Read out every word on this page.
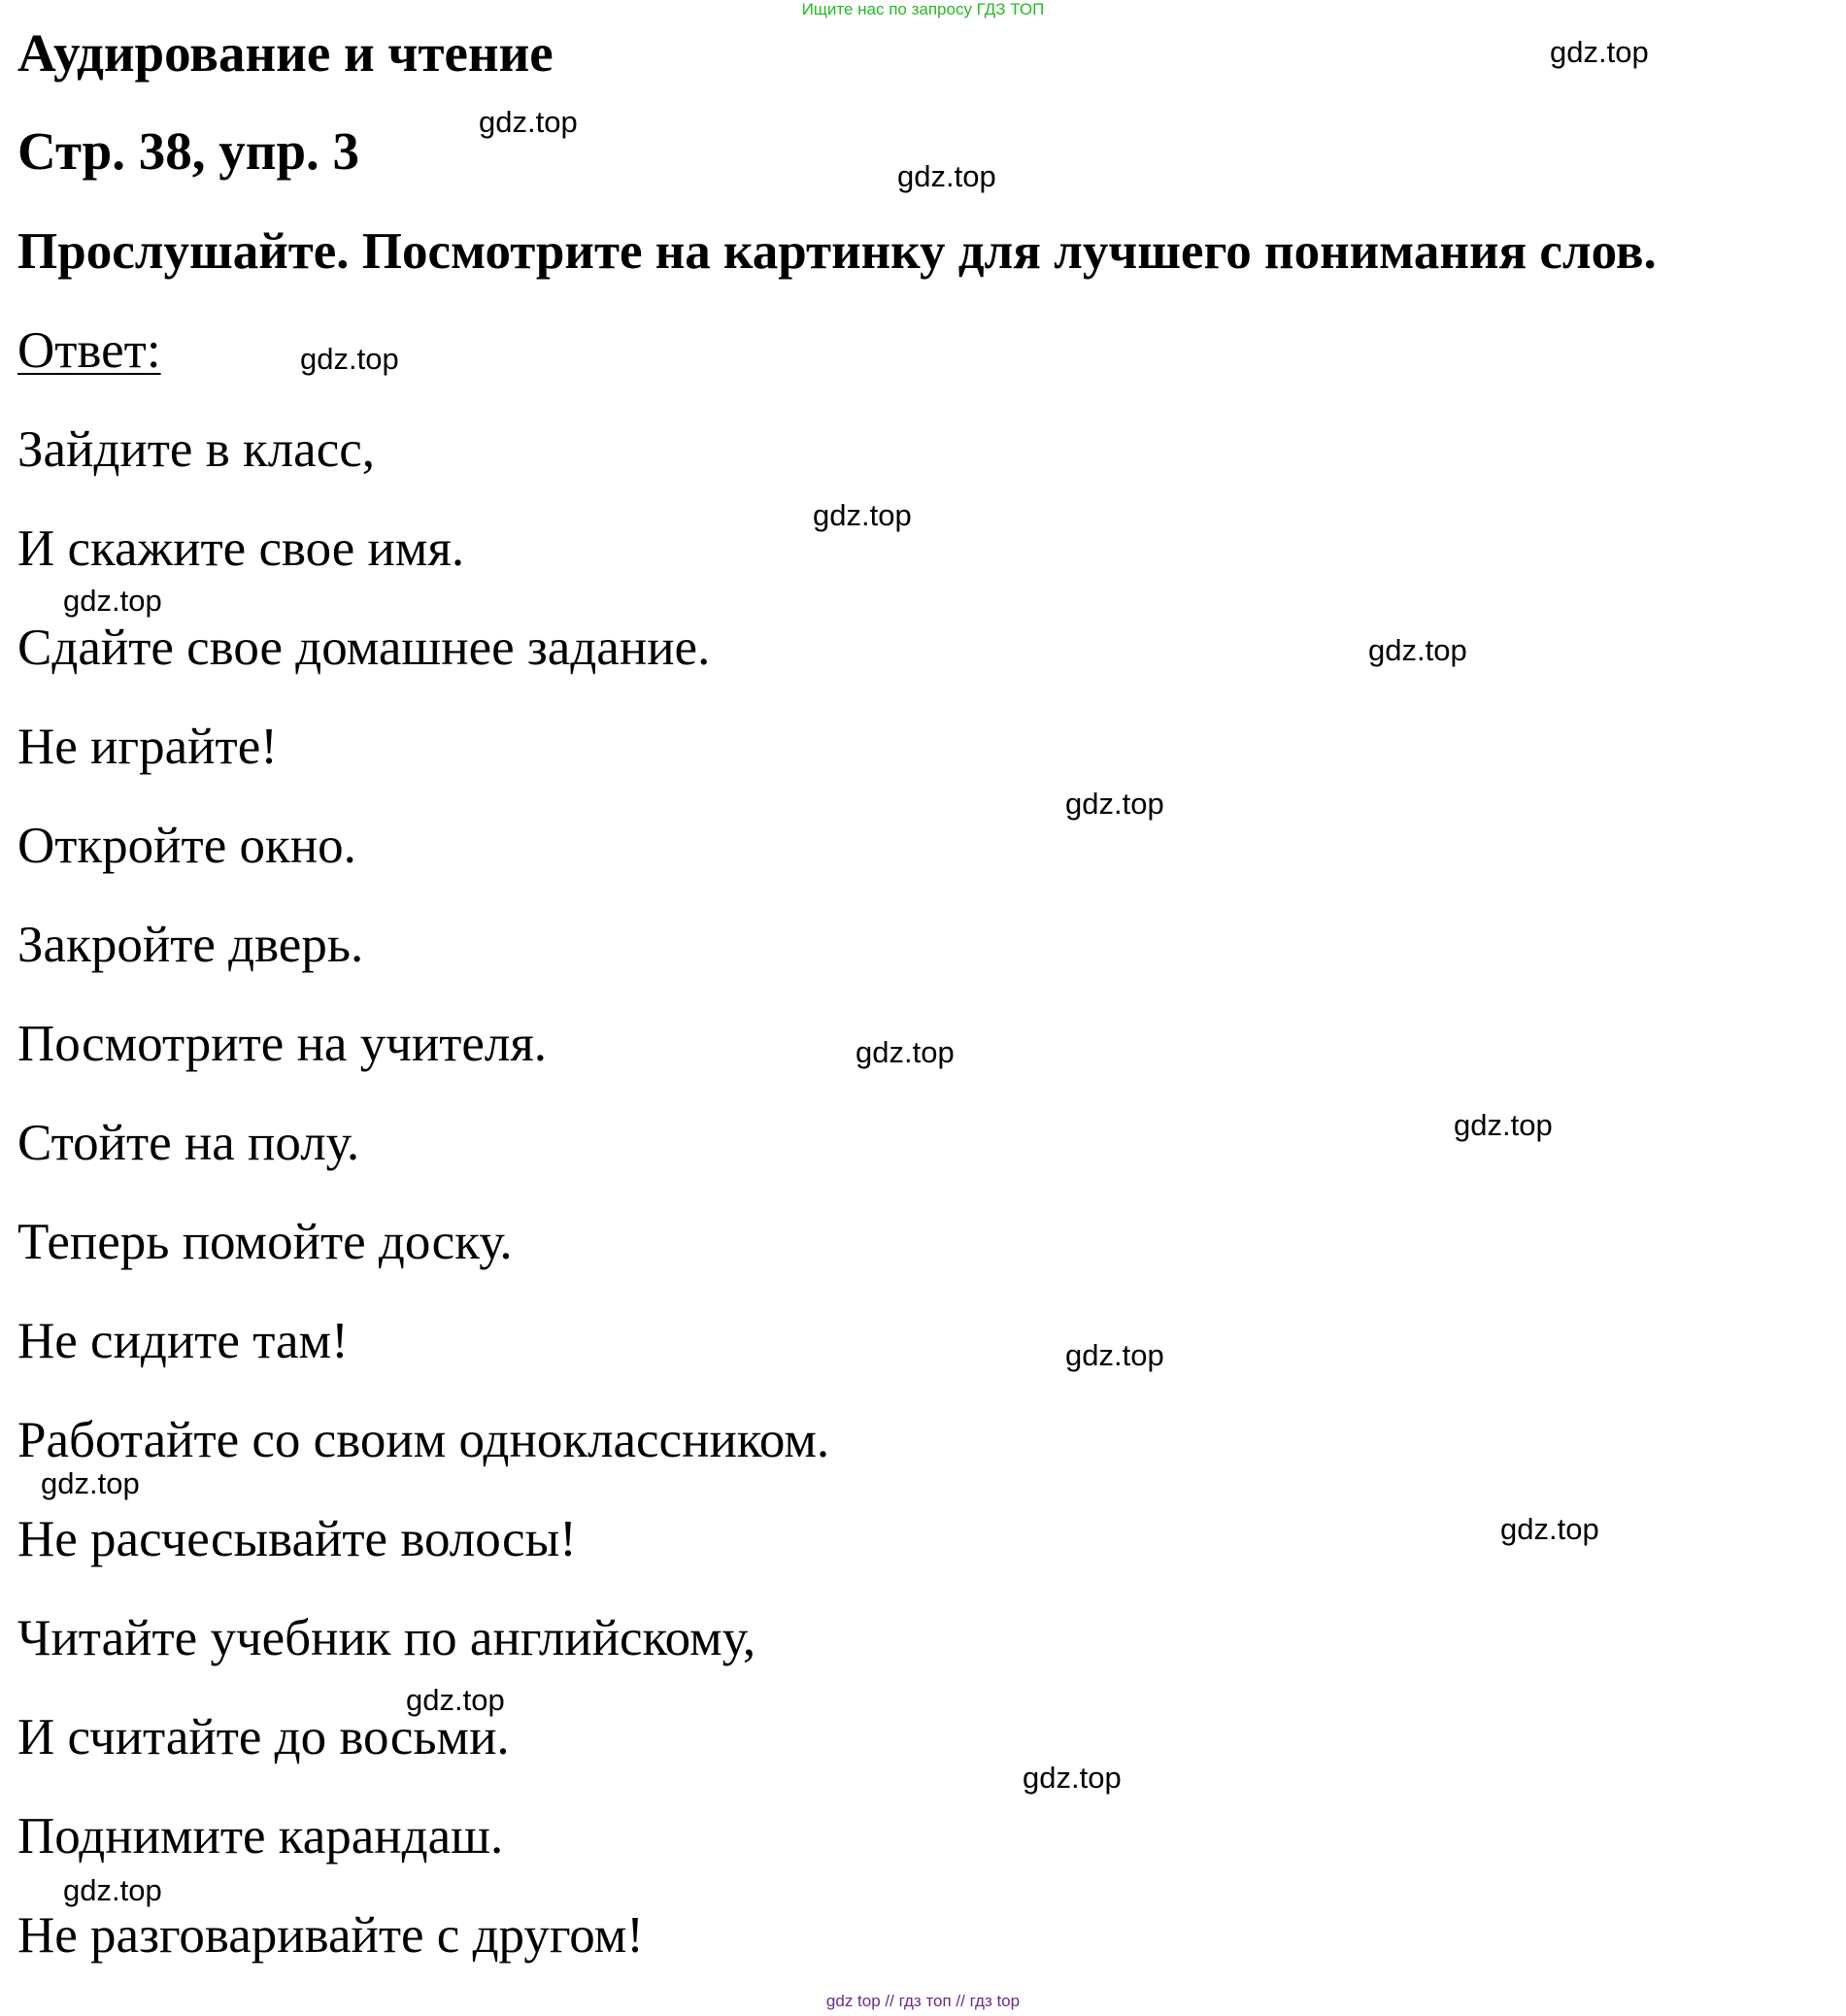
Ищите нас по запросу ГДЗ ТОП
Аудирование и чтение
Стр. 38, упр. 3
Прослушайте. Посмотрите на картинку для лучшего понимания слов.
Ответ:
Зайдите в класс,
И скажите свое имя.
Сдайте свое домашнее задание.
Не играйте!
Откройте окно.
Закройте дверь.
Посмотрите на учителя.
Стойте на полу.
Теперь помойте доску.
Не сидите там!
Работайте со своим одноклассником.
Не расчесывайте волосы!
Читайте учебник по английскому,
И считайте до восьми.
Поднимите карандаш.
Не разговаривайте с другом!
gdz.top
gdz.top
gdz.top
gdz.top
gdz.top
gdz.top
gdz.top
gdz.top
gdz.top
gdz.top
gdz.top
gdz.top
gdz.top
gdz.top
gdz.top
gdz.top
gdz top // гдз топ // гдз top
